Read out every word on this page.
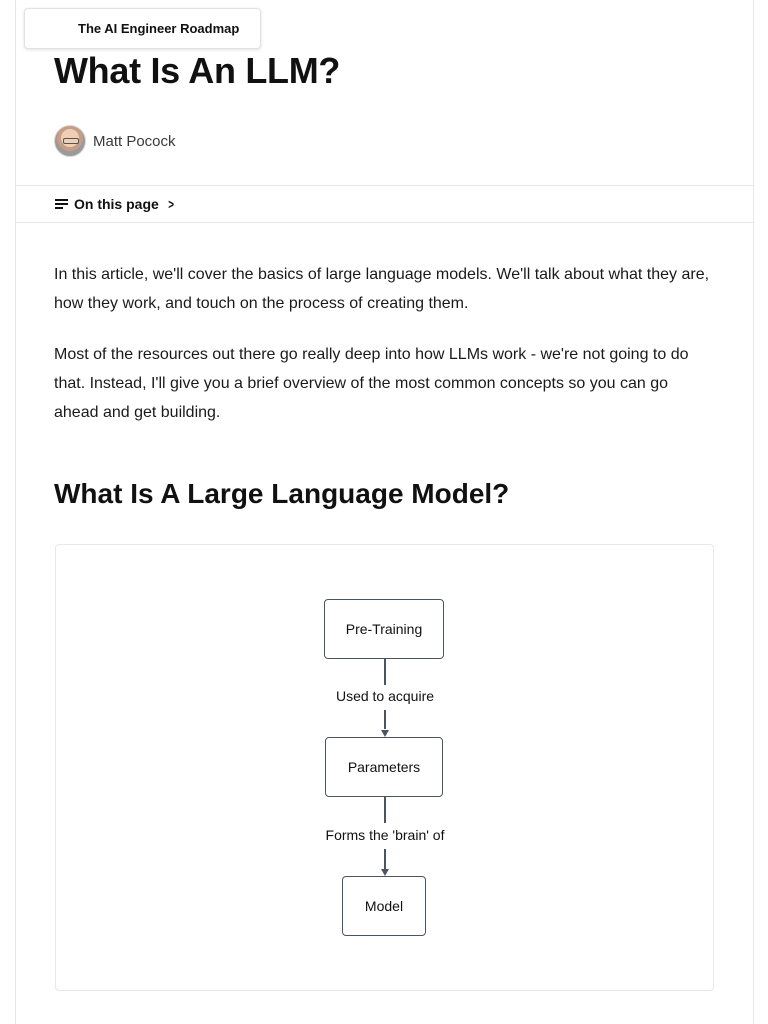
The AI Engineer Roadmap
What Is An LLM?
Matt Pocock
On this page >

In this article, we'll cover the basics of large language models. We'll talk about what they are, how they work, and touch on the process of creating them.

Most of the resources out there go really deep into how LLMs work - we're not going to do that. Instead, I'll give you a brief overview of the most common concepts so you can go ahead and get building.

What Is A Large Language Model?
Pre-Training
Used to acquire
Parameters
Forms the 'brain' of
Model
